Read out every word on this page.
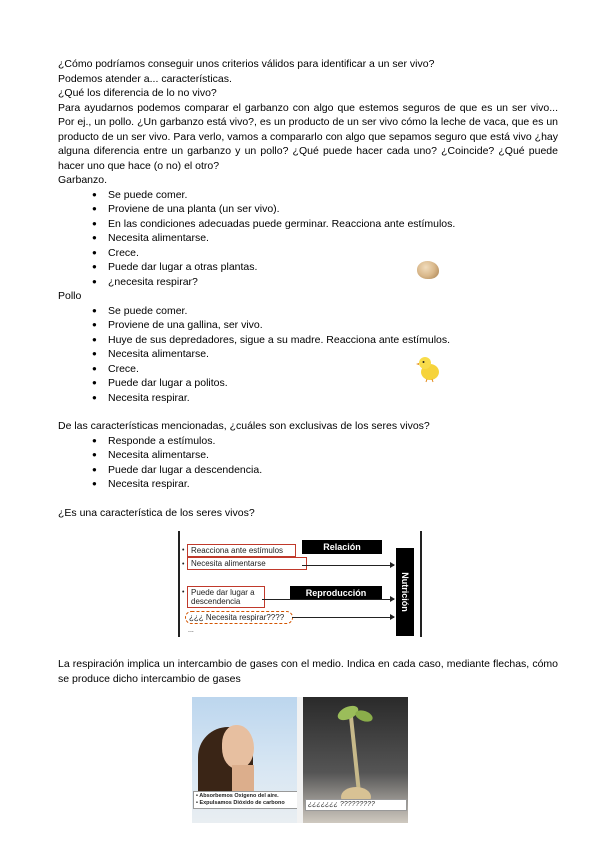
¿Cómo podríamos conseguir unos criterios válidos para identificar a un ser vivo?

Podemos atender a... características.

¿Qué los diferencia de lo no vivo?

Para ayudarnos podemos comparar el garbanzo con algo que estemos seguros de que es un ser vivo... Por ej., un pollo. ¿Un garbanzo está vivo?, es un producto de un ser vivo cómo la leche de vaca, que es un producto de un ser vivo. Para verlo, vamos a compararlo con algo que sepamos seguro que está vivo ¿hay alguna diferencia entre un garbanzo y un pollo? ¿Qué puede hacer cada uno? ¿Coincide? ¿Qué puede hacer uno que hace (o no) el otro?

Garbanzo.

● Se puede comer.
● Proviene de una planta (un ser vivo).
● En las condiciones adecuadas puede germinar. Reacciona ante estímulos.
● Necesita alimentarse.
● Crece.
● Puede dar lugar a otras plantas.
● ¿necesita respirar?

Pollo

● Se puede comer.
● Proviene de una gallina, ser vivo.
● Huye de sus depredadores, sigue a su madre. Reacciona ante estímulos.
● Necesita alimentarse.
● Crece.
● Puede dar lugar a politos.
● Necesita respirar.

De las características mencionadas, ¿cuáles son exclusivas de los seres vivos?

● Responde a estímulos.
● Necesita alimentarse.
● Puede dar lugar a descendencia.
● Necesita respirar.

¿Es una característica de los seres vivos?

• Reacciona ante estímulos	Relación
• Necesita alimentarse
Nutrición
• Puede dar lugar a descendencia
Reproducción
¿¿¿ Necesita respirar????
...

La respiración implica un intercambio de gases con el medio. Indica en cada caso, mediante flechas, cómo se produce dicho intercambio de gases

• Absorbemos Oxigeno del aire.
• Expulsamos Dióxido de carbono	¿¿¿¿¿¿¿ ?????????
